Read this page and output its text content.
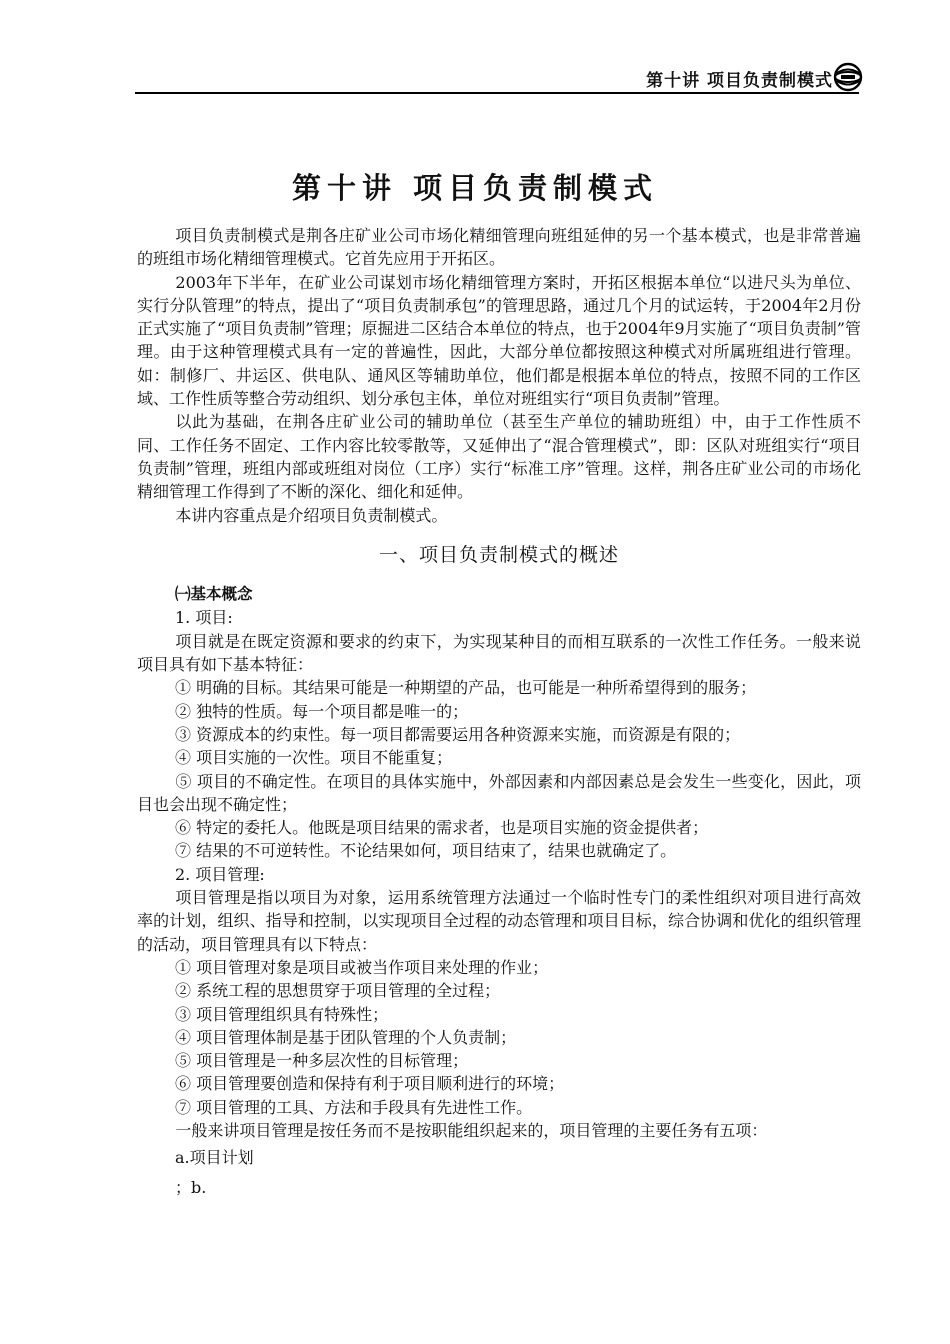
第十讲 项目负责制模式
第十讲 项目负责制模式

项目负责制模式是荆各庄矿业公司市场化精细管理向班组延伸的另一个基本模式，也是非常普遍的班组市场化精细管理模式。它首先应用于开拓区。

2003年下半年，在矿业公司谋划市场化精细管理方案时，开拓区根据本单位“以进尺头为单位、实行分队管理”的特点，提出了“项目负责制承包”的管理思路，通过几个月的试运转，于2004年2月份正式实施了“项目负责制”管理；原掘进二区结合本单位的特点，也于2004年9月实施了“项目负责制”管理。由于这种管理模式具有一定的普遍性，因此，大部分单位都按照这种模式对所属班组进行管理。如：制修厂、井运区、供电队、通风区等辅助单位，他们都是根据本单位的特点，按照不同的工作区域、工作性质等整合劳动组织、划分承包主体，单位对班组实行“项目负责制”管理。

以此为基础，在荆各庄矿业公司的辅助单位（甚至生产单位的辅助班组）中，由于工作性质不同、工作任务不固定、工作内容比较零散等，又延伸出了“混合管理模式”，即：区队对班组实行“项目负责制”管理，班组内部或班组对岗位（工序）实行“标准工序”管理。这样，荆各庄矿业公司的市场化精细管理工作得到了不断的深化、细化和延伸。

本讲内容重点是介绍项目负责制模式。

一、项目负责制模式的概述

㈠基本概念

1. 项目:

项目就是在既定资源和要求的约束下，为实现某种目的而相互联系的一次性工作任务。一般来说项目具有如下基本特征：

① 明确的目标。其结果可能是一种期望的产品，也可能是一种所希望得到的服务；

② 独特的性质。每一个项目都是唯一的；

③ 资源成本的约束性。每一项目都需要运用各种资源来实施，而资源是有限的；

④ 项目实施的一次性。项目不能重复；

⑤ 项目的不确定性。在项目的具体实施中，外部因素和内部因素总是会发生一些变化，因此，项目也会出现不确定性；

⑥ 特定的委托人。他既是项目结果的需求者，也是项目实施的资金提供者；

⑦ 结果的不可逆转性。不论结果如何，项目结束了，结果也就确定了。

2. 项目管理:

项目管理是指以项目为对象，运用系统管理方法通过一个临时性专门的柔性组织对项目进行高效率的计划，组织、指导和控制，以实现项目全过程的动态管理和项目目标，综合协调和优化的组织管理的活动，项目管理具有以下特点：

① 项目管理对象是项目或被当作项目来处理的作业；

② 系统工程的思想贯穿于项目管理的全过程；

③ 项目管理组织具有特殊性；

④ 项目管理体制是基于团队管理的个人负责制；

⑤ 项目管理是一种多层次性的目标管理；

⑥ 项目管理要创造和保持有利于项目顺利进行的环境；

⑦ 项目管理的工具、方法和手段具有先进性工作。

一般来讲项目管理是按任务而不是按职能组织起来的，项目管理的主要任务有五项：

a.项目计划

；b.
